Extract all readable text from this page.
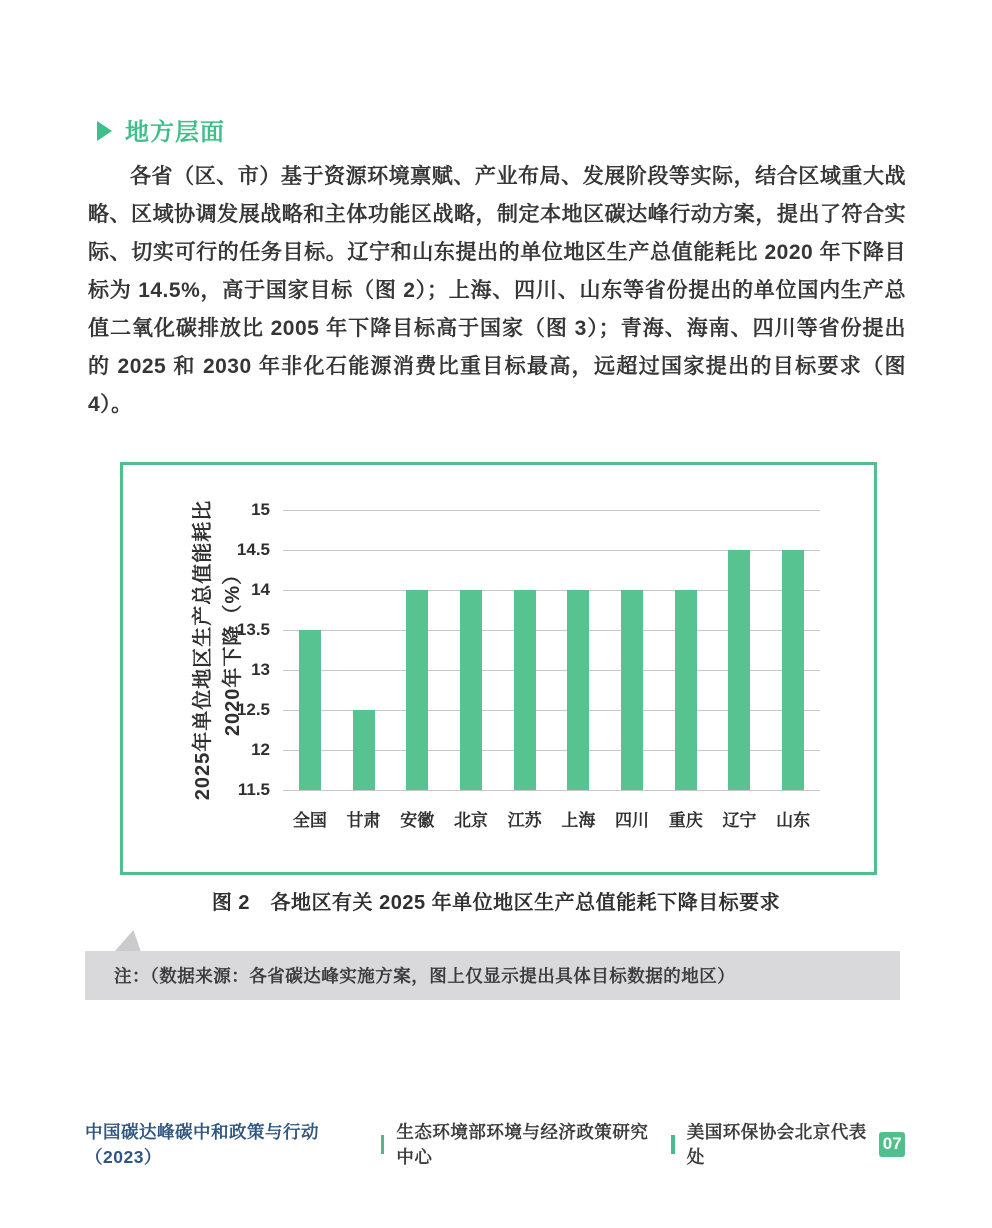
地方层面

各省（区、市）基于资源环境禀赋、产业布局、发展阶段等实际，结合区域重大战略、区域协调发展战略和主体功能区战略，制定本地区碳达峰行动方案，提出了符合实际、切实可行的任务目标。辽宁和山东提出的单位地区生产总值能耗比 2020 年下降目标为 14.5%，高于国家目标（图 2）；上海、四川、山东等省份提出的单位国内生产总值二氧化碳排放比 2005 年下降目标高于国家（图 3）；青海、海南、四川等省份提出的 2025 和 2030 年非化石能源消费比重目标最高，远超过国家提出的目标要求（图 4）。

2025年单位地区生产总值能耗比 2020年下降（%）
15
14.5
14
13.5
13
12.5
12
11.5
全国	甘肃	安徽	北京	江苏	上海	四川	重庆	辽宁	山东
图 2　各地区有关 2025 年单位地区生产总值能耗下降目标要求
注：（数据来源：各省碳达峰实施方案，图上仅显示提出具体目标数据的地区）
中国碳达峰碳中和政策与行动（2023）
生态环境部环境与经济政策研究中心
美国环保协会北京代表处
07
